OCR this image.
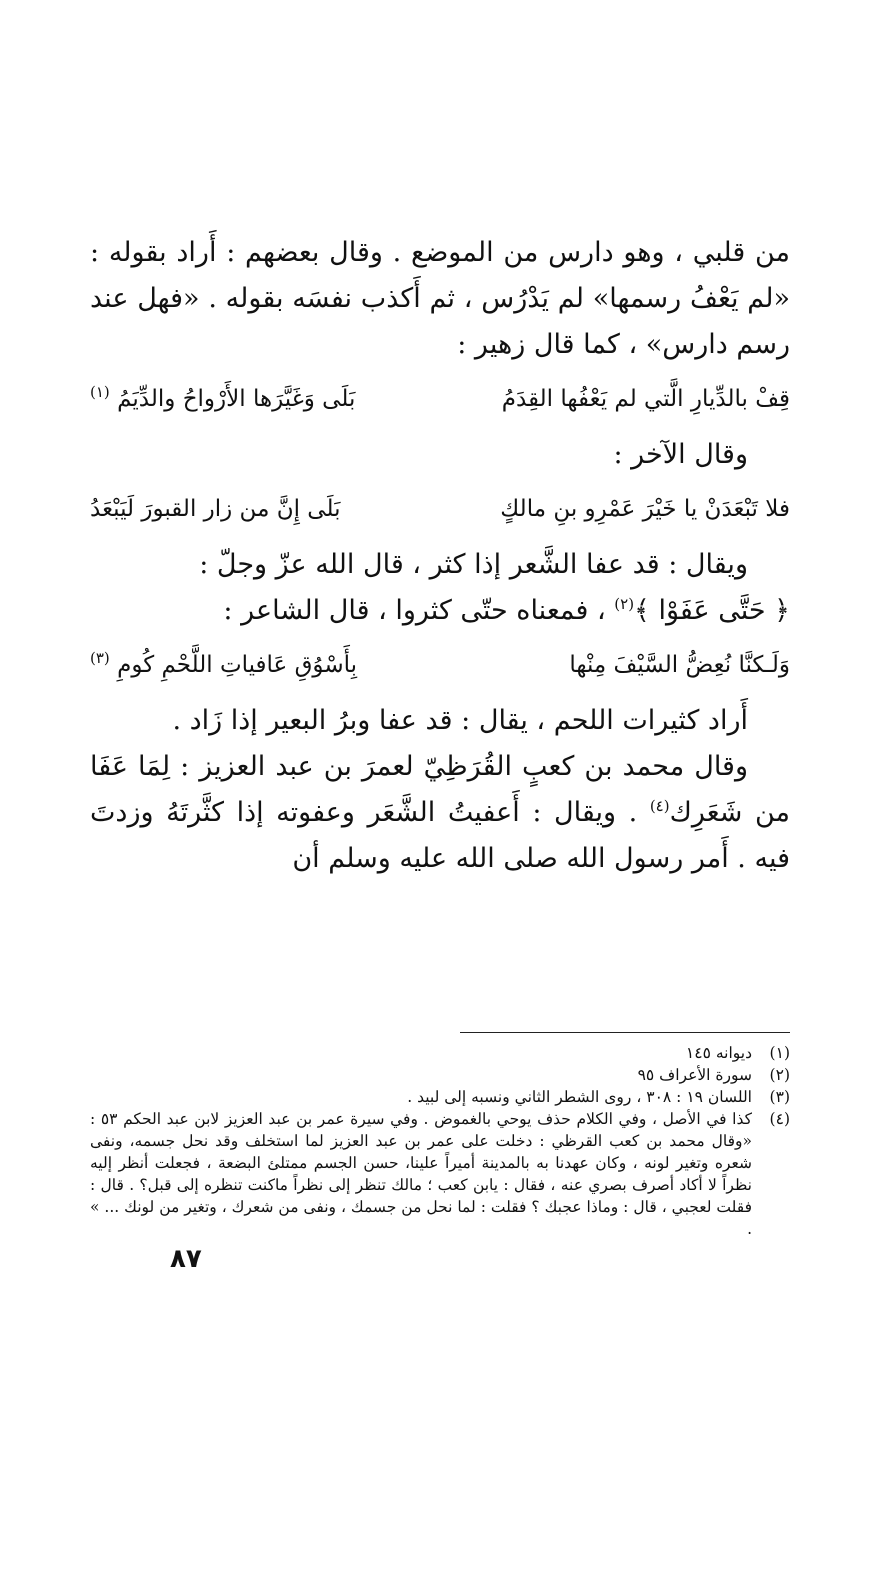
من قلبي ، وهو دارس من الموضع . وقال بعضهم : أَراد بقوله : «لم يَعْفُ رسمها» لم يَدْرُس ، ثم أَكذب نفسَه بقوله . «فهل عند رسم دارس» ، كما قال زهير :

قِفْ بالدِّيارِ الَّتي لم يَعْفُها القِدَمُ
بَلَى وَغَيَّرَها الأَرْواحُ والدِّيَمُ (١)

وقال الآخر :

فلا تَبْعَدَنْ يا خَيْرَ عَمْرِو بنِ مالكٍ
بَلَى إِنَّ من زار القبورَ لَيَبْعَدُ

ويقال : قد عفا الشَّعر إذا كثر ، قال الله عزّ وجلّ :

﴿ حَتَّى عَفَوْا ﴾$^{(٢)}$ ، فمعناه حتّى كثروا ، قال الشاعر :

وَلَـكنَّا نُعِضُّ السَّيْفَ مِنْها
بِأَسْوُقِ عَافياتِ اللَّحْمِ كُومِ (٣)

أَراد كثيرات اللحم ، يقال : قد عفا وبرُ البعير إذا زَاد .

وقال محمد بن كعبٍ القُرَظِيّ لعمرَ بن عبد العزيز : لِمَا عَفَا من شَعَرِك$^{(٤)}$ . ويقال : أَعفيتُ الشَّعَر وعفوته إذا كثَّرتَهُ وزدتَ فيه . أَمر رسول الله صلى الله عليه وسلم أن

(١)
ديوانه ١٤٥

(٢)
سورة الأعراف ٩٥

(٣)
اللسان ١٩ : ٣٠٨ ، روى الشطر الثاني ونسبه إلى لبيد .

(٤)
كذا في الأصل ، وفي الكلام حذف يوحي بالغموض . وفي سيرة عمر بن عبد العزيز لابن عبد الحكم ٥٣ : «وقال محمد بن كعب القرظي : دخلت على عمر بن عبد العزيز لما استخلف وقد نحل جسمه، ونفى شعره وتغير لونه ، وكان عهدنا به بالمدينة أميراً علينا، حسن الجسم ممتلئ البضعة ، فجعلت أنظر إليه نظراً لا أكاد أصرف بصري عنه ، فقال : يابن كعب ؛ مالك تنظر إلى نظراً ماكنت تنظره إلى قبل؟ . قال : فقلت لعجبي ، قال : وماذا عجبك ؟ فقلت : لما نحل من جسمك ، ونفى من شعرك ، وتغير من لونك ... » .

٨٧
